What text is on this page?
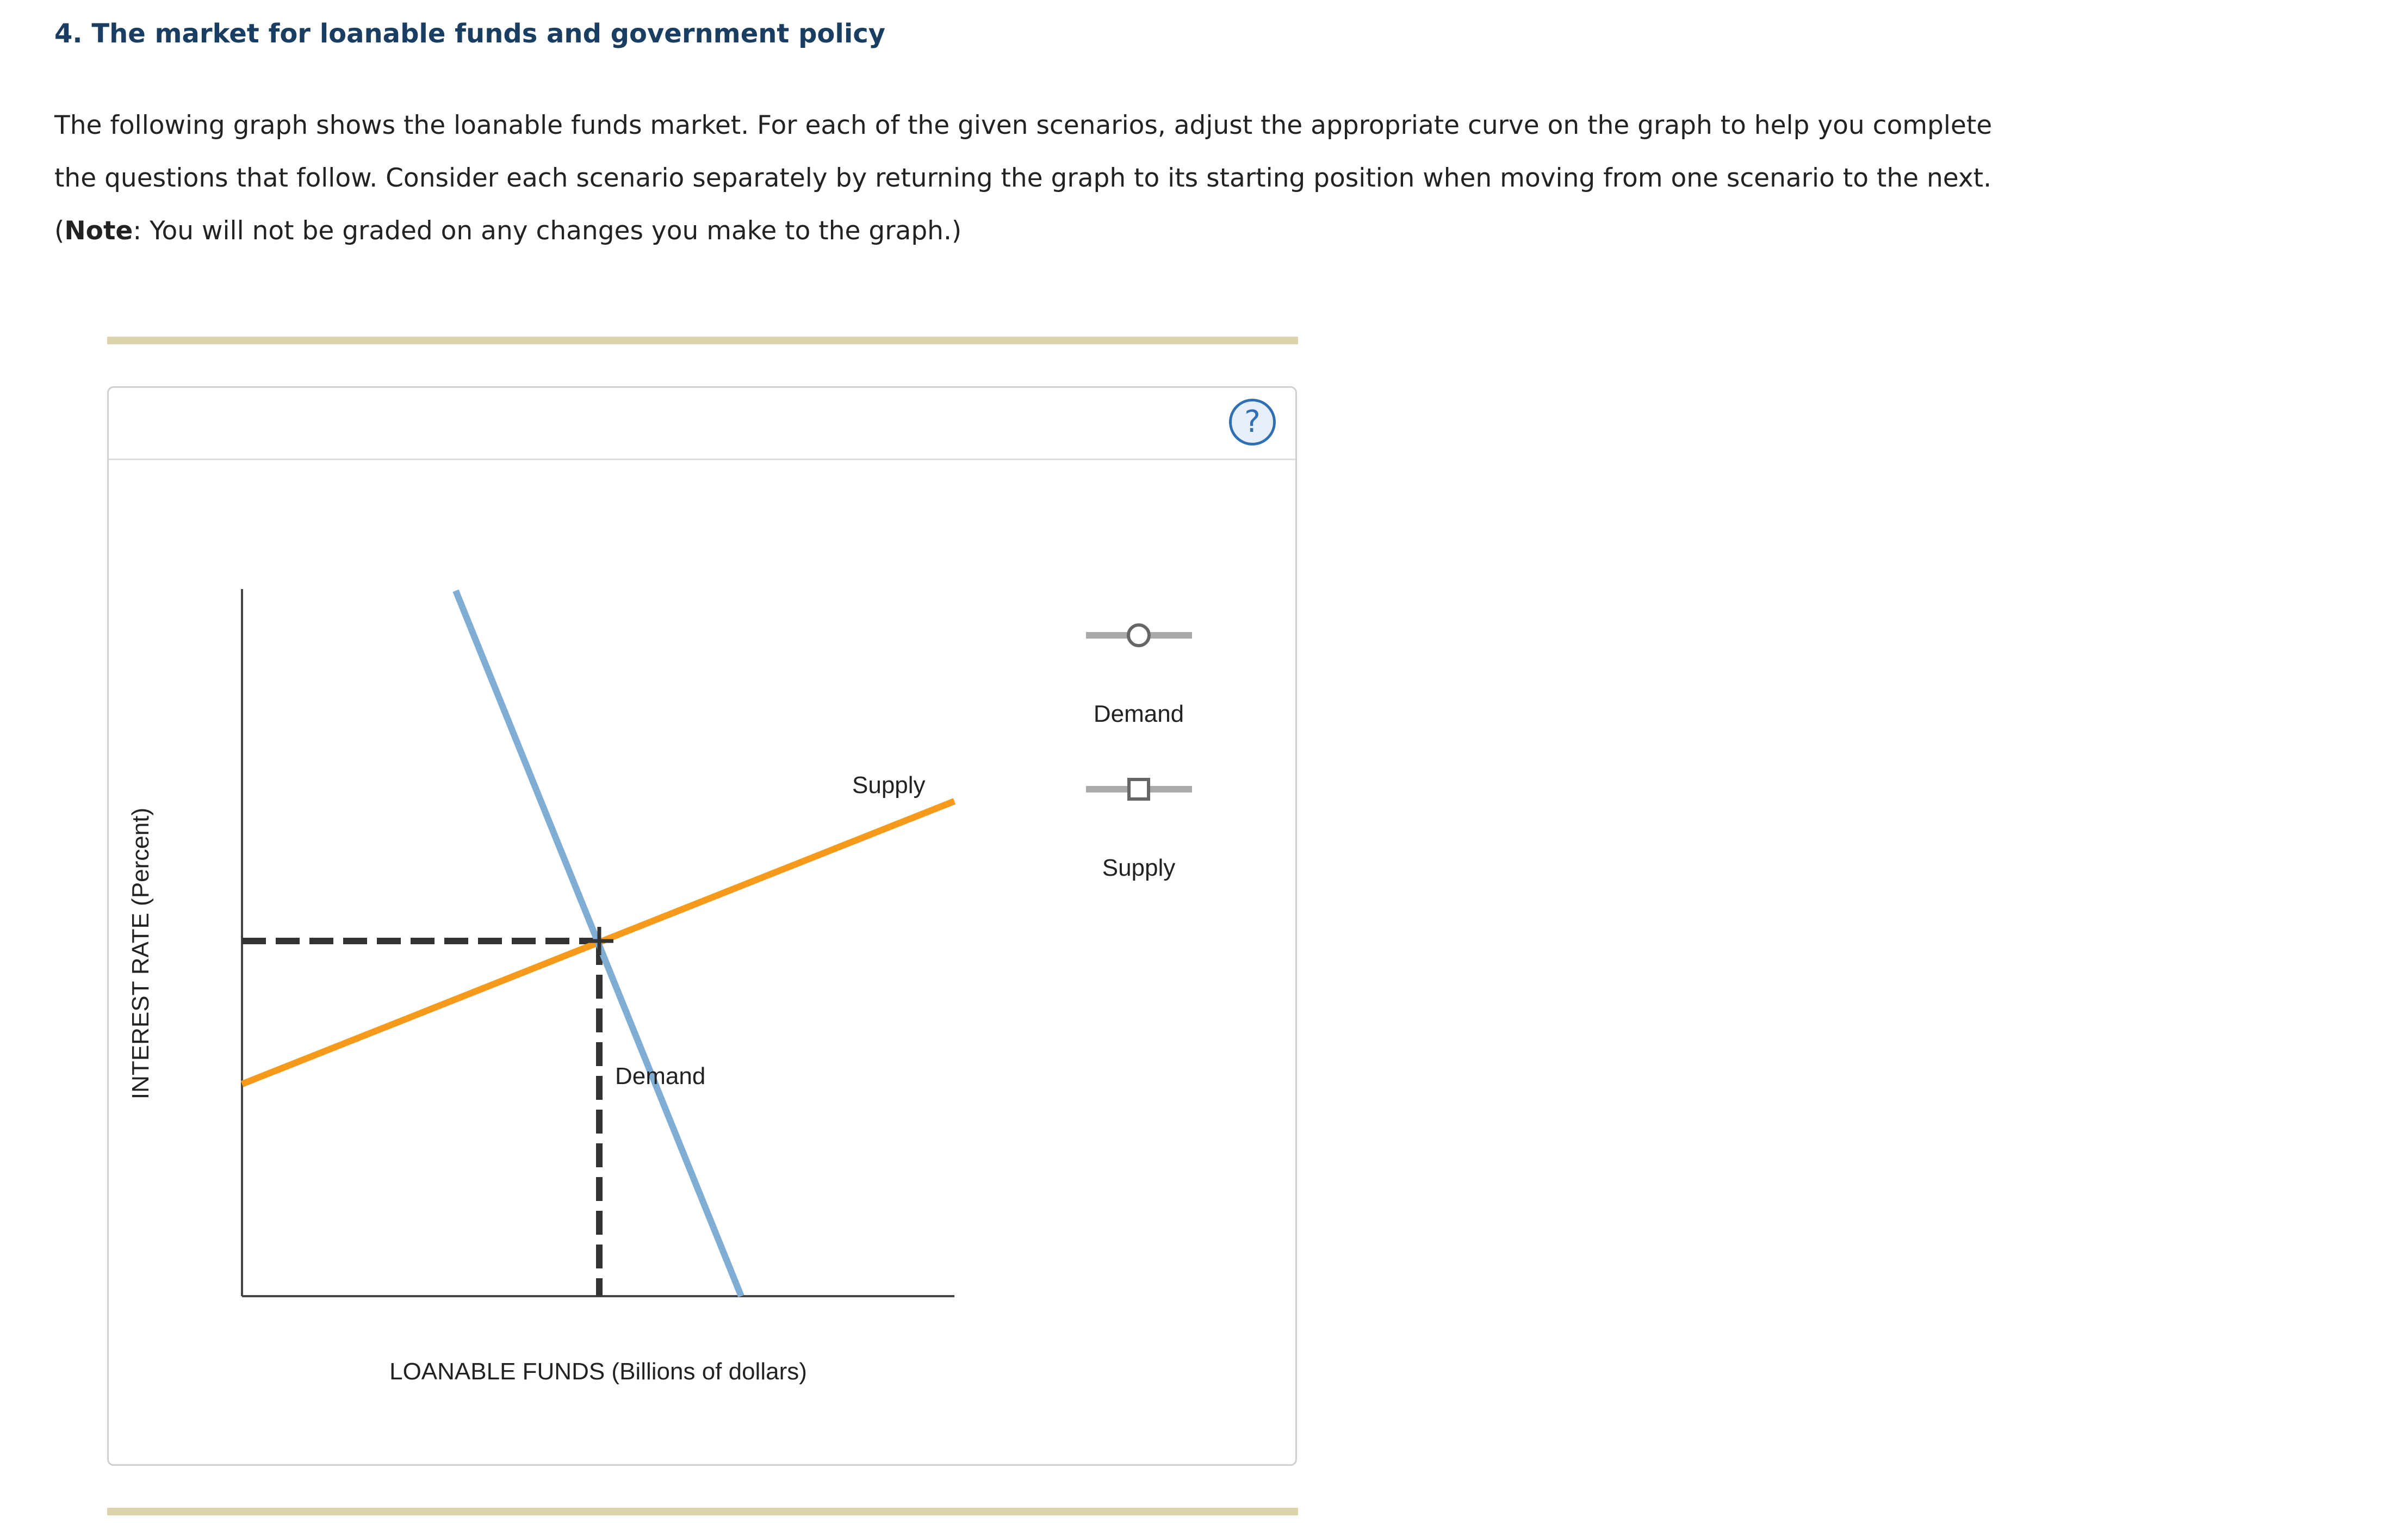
4. The market for loanable funds and government policy

The following graph shows the loanable funds market. For each of the given scenarios, adjust the appropriate curve on the graph to help you complete

the questions that follow. Consider each scenario separately by returning the graph to its starting position when moving from one scenario to the next.

(Note: You will not be graded on any changes you make to the graph.)

?
INTEREST RATE (Percent)
Supply
Demand
LOANABLE FUNDS (Billions of dollars)
Demand
Supply
